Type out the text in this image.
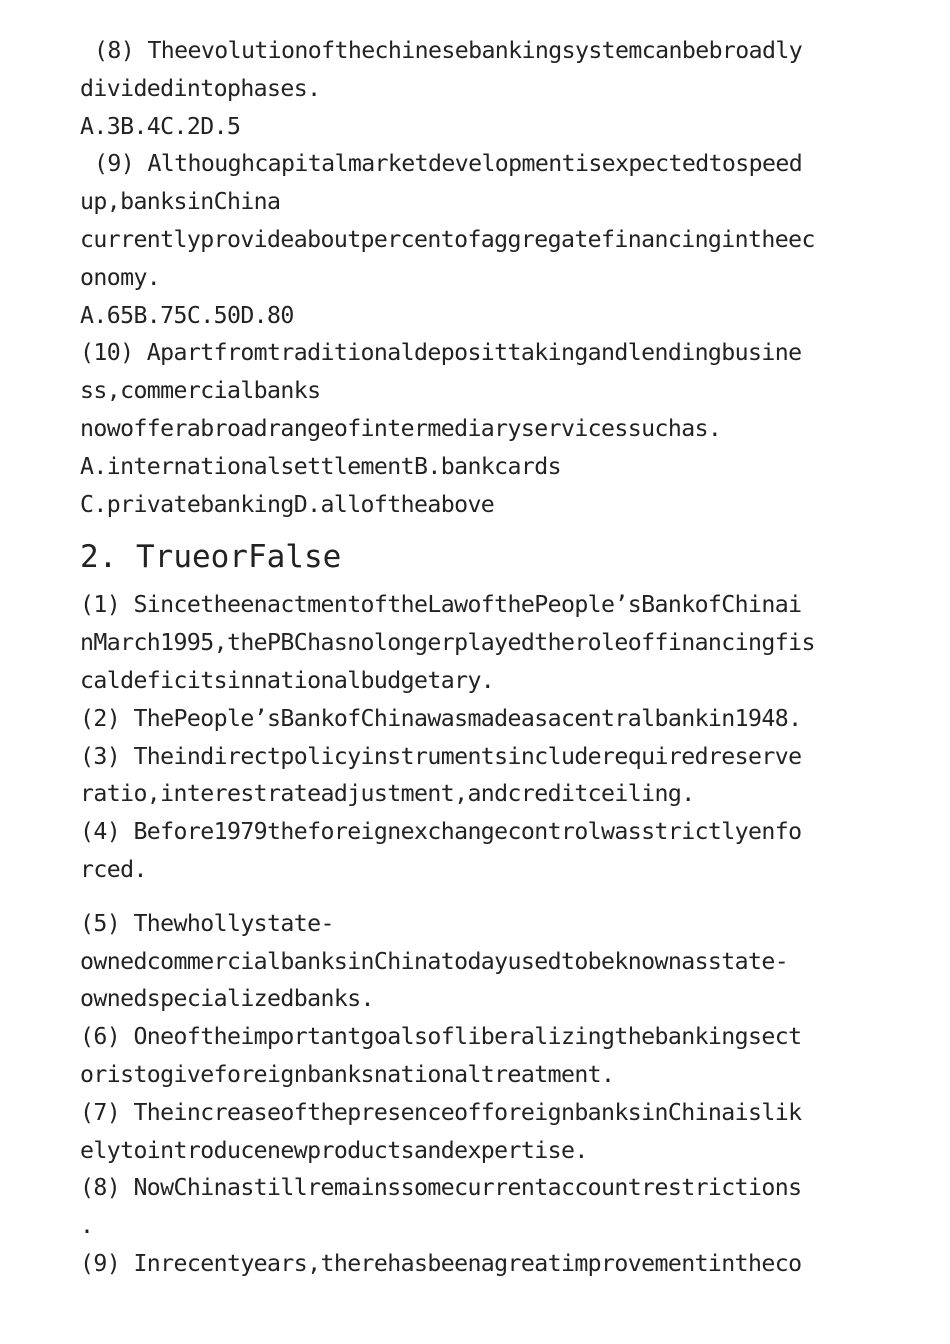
(8) Theevolutionofthechinesebankingsystemcanbebroadly
dividedintophases.
A.3B.4C.2D.5
(9) Althoughcapitalmarketdevelopmentisexpectedtospeed
up,banksinChina
currentlyprovideaboutpercentofaggregatefinancingintheec
onomy.
A.65B.75C.50D.80
(10) Apartfromtraditionaldeposittakingandlendingbusine
ss,commercialbanks
nowofferabroadrangeofintermediaryservicessuchas.
A.internationalsettlementB.bankcards
C.privatebankingD.alloftheabove
2. TrueorFalse
(1) SincetheenactmentoftheLawofthePeople’sBankofChinai
nMarch1995,thePBChasnolongerplayedtheroleoffinancingfis
caldeficitsinnationalbudgetary.
(2) ThePeople’sBankofChinawasmadeasacentralbankin1948.
(3) Theindirectpolicyinstrumentsincluderequiredreserve
ratio,interestrateadjustment,andcreditceiling.
(4) Before1979theforeignexchangecontrolwasstrictlyenfo
rced.
(5) Thewhollystate-
ownedcommercialbanksinChinatodayusedtobeknownasstate-
ownedspecializedbanks.
(6) Oneoftheimportantgoalsofliberalizingthebankingsect
oristogiveforeignbanksnationaltreatment.
(7) TheincreaseofthepresenceofforeignbanksinChinaislik
elytointroducenewproductsandexpertise.
(8) NowChinastillremainssomecurrentaccountrestrictions
.
(9) Inrecentyears,therehasbeenagreatimprovementintheco
